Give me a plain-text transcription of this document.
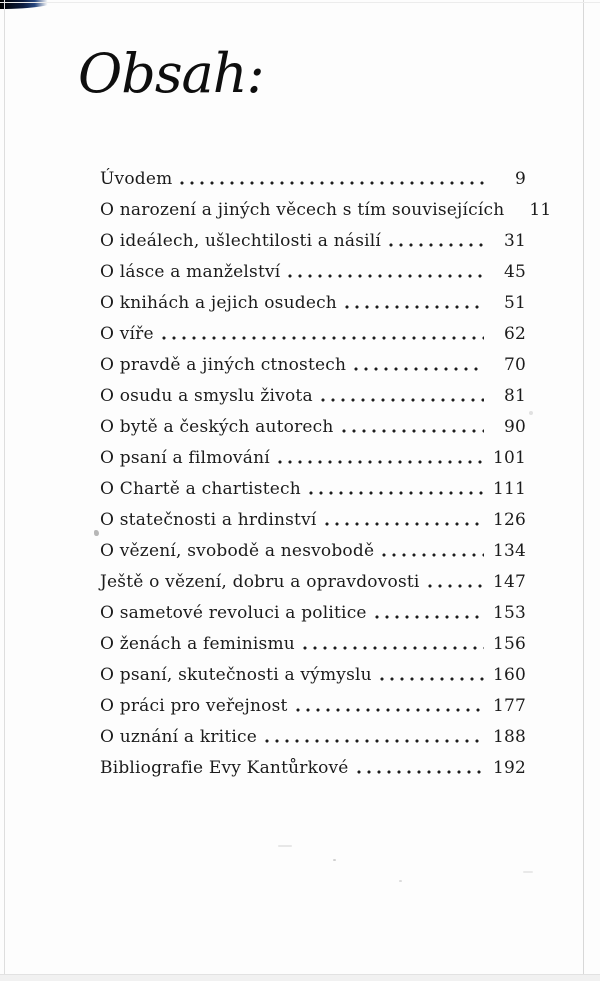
Obsah:
Úvodem	9
O narození a jiných věcech s tím souvisejících	11
O ideálech, ušlechtilosti a násilí	31
O lásce a manželství	45
O knihách a jejich osudech	51
O víře	62
O pravdě a jiných ctnostech	70
O osudu a smyslu života	81
O bytě a českých autorech	90
O psaní a filmování	101
O Chartě a chartistech	111
O statečnosti a hrdinství	126
O vězení, svobodě a nesvobodě	134
Ještě o vězení, dobru a opravdovosti	147
O sametové revoluci a politice	153
O ženách a feminismu	156
O psaní, skutečnosti a výmyslu	160
O práci pro veřejnost	177
O uznání a kritice	188
Bibliografie Evy Kantůrkové	192
